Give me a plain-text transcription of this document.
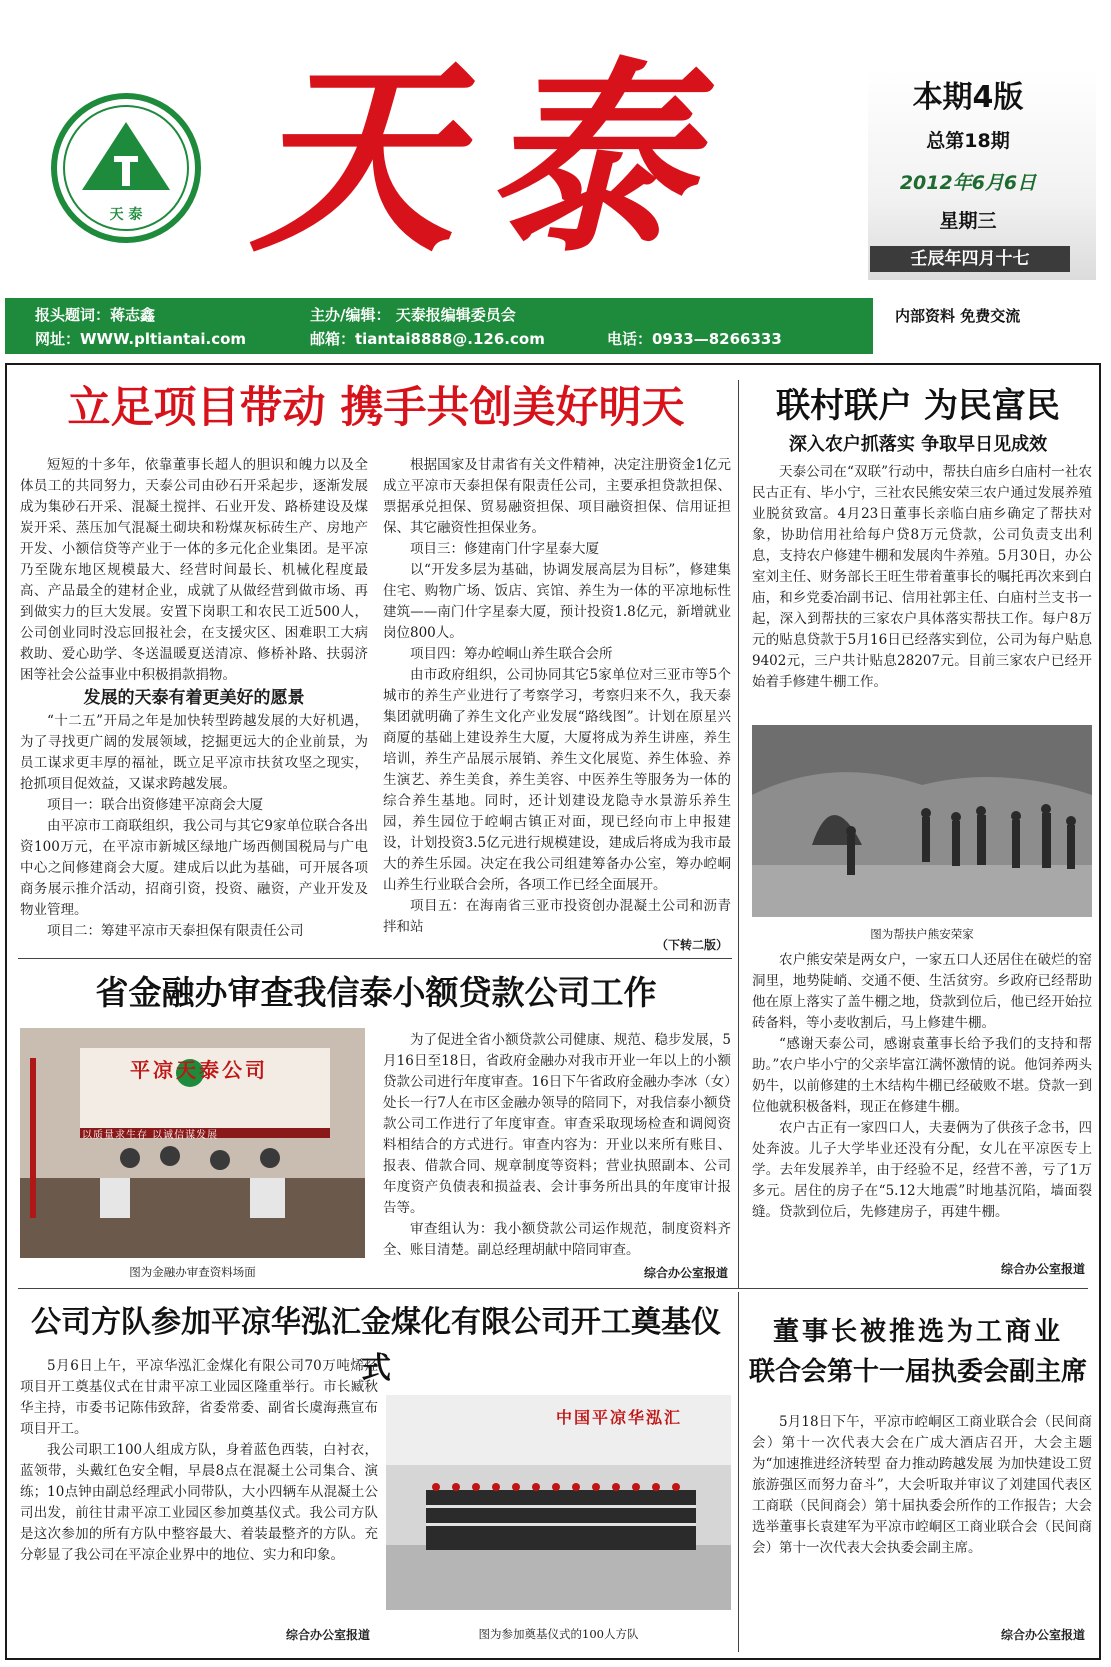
天 泰 天泰	本期4版
总第18期
2012年6月6日
星期三
壬辰年四月十七
报头题词：蒋志鑫	主办/编辑： 天泰报编辑委员会
网址：WWW.pltiantai.com	邮箱：tiantai8888@.126.com	电话：0933—8266333
内部资料 免费交流
立足项目带动 携手共创美好明天

短短的十多年，依靠董事长超人的胆识和魄力以及全体员工的共同努力，天泰公司由砂石开采起步，逐渐发展成为集砂石开采、混凝土搅拌、石业开发、路桥建设及煤炭开采、蒸压加气混凝土砌块和粉煤灰标砖生产、房地产开发、小额信贷等产业于一体的多元化企业集团。是平凉乃至陇东地区规模最大、经营时间最长、机械化程度最高、产品最全的建材企业，成就了从做经营到做市场、再到做实力的巨大发展。安置下岗职工和农民工近500人，公司创业同时没忘回报社会，在支援灾区、困难职工大病救助、爱心助学、冬送温暖夏送清凉、修桥补路、扶弱济困等社会公益事业中积极捐款捐物。

发展的天泰有着更美好的愿景

“十二五”开局之年是加快转型跨越发展的大好机遇，为了寻找更广阔的发展领域，挖掘更远大的企业前景，为员工谋求更丰厚的福祉，既立足平凉市扶贫攻坚之现实，抢抓项目促效益，又谋求跨越发展。

项目一：联合出资修建平凉商会大厦

由平凉市工商联组织，我公司与其它9家单位联合各出资100万元，在平凉市新城区绿地广场西侧国税局与广电中心之间修建商会大厦。建成后以此为基础，可开展各项商务展示推介活动，招商引资，投资、融资，产业开发及物业管理。

项目二：筹建平凉市天泰担保有限责任公司

根据国家及甘肃省有关文件精神，决定注册资金1亿元成立平凉市天泰担保有限责任公司，主要承担贷款担保、票据承兑担保、贸易融资担保、项目融资担保、信用证担保、其它融资性担保业务。

项目三：修建南门什字星泰大厦

以“开发多层为基础，协调发展高层为目标”，修建集住宅、购物广场、饭店、宾馆、养生为一体的平凉地标性建筑——南门什字星泰大厦，预计投资1.8亿元，新增就业岗位800人。

项目四：筹办崆峒山养生联合会所

由市政府组织，公司协同其它5家单位对三亚市等5个城市的养生产业进行了考察学习，考察归来不久，我天泰集团就明确了养生文化产业发展“路线图”。计划在原星兴商厦的基础上建设养生大厦，大厦将成为养生讲座，养生培训，养生产品展示展销、养生文化展览、养生体验、养生演艺、养生美食，养生美容、中医养生等服务为一体的综合养生基地。同时，还计划建设龙隐寺水景游乐养生园，养生园位于崆峒古镇正对面，现已经向市上申报建设，计划投资3.5亿元进行规模建设，建成后将成为我市最大的养生乐园。决定在我公司组建筹备办公室，筹办崆峒山养生行业联合会所，各项工作已经全面展开。

项目五：在海南省三亚市投资创办混凝土公司和沥青拌和站

（下转二版）
联村联户 为民富民
深入农户抓落实 争取早日见成效

天泰公司在“双联”行动中，帮扶白庙乡白庙村一社农民古正有、毕小宁，三社农民熊安荣三农户通过发展养殖业脱贫致富。4月23日董事长亲临白庙乡确定了帮扶对象，协助信用社给每户贷8万元贷款，公司负责支出利息，支持农户修建牛棚和发展肉牛养殖。5月30日，办公室刘主任、财务部长王旺生带着董事长的嘱托再次来到白庙，和乡党委冶副书记、信用社郭主任、白庙村兰支书一起，深入到帮扶的三家农户具体落实帮扶工作。每户8万元的贴息贷款于5月16日已经落实到位，公司为每户贴息9402元，三户共计贴息28207元。目前三家农户已经开始着手修建牛棚工作。

图为帮扶户熊安荣家

农户熊安荣是两女户，一家五口人还居住在破烂的窑洞里，地势陡峭、交通不便、生活贫穷。乡政府已经帮助他在原上落实了盖牛棚之地，贷款到位后，他已经开始拉砖备料，等小麦收割后，马上修建牛棚。

“感谢天泰公司，感谢袁董事长给予我们的支持和帮助。”农户毕小宁的父亲毕富江满怀激情的说。他饲养两头奶牛，以前修建的土木结构牛棚已经破败不堪。贷款一到位他就积极备料，现正在修建牛棚。

农户古正有一家四口人，夫妻俩为了供孩子念书，四处奔波。儿子大学毕业还没有分配，女儿在平凉医专上学。去年发展养羊，由于经验不足，经营不善，亏了1万多元。居住的房子在“5.12大地震”时地基沉陷，墙面裂缝。贷款到位后，先修建房子，再建牛棚。

综合办公室报道
省金融办审查我信泰小额贷款公司工作
平凉天泰公司
以质量求生存 以诚信谋发展
图为金融办审查资料场面

为了促进全省小额贷款公司健康、规范、稳步发展，5月16日至18日，省政府金融办对我市开业一年以上的小额贷款公司进行年度审查。16日下午省政府金融办李冰（女）处长一行7人在市区金融办领导的陪同下，对我信泰小额贷款公司工作进行了年度审查。审查采取现场检查和调阅资料相结合的方式进行。审查内容为：开业以来所有账目、报表、借款合同、规章制度等资料；营业执照副本、公司年度资产负债表和损益表、会计事务所出具的年度审计报告等。

审查组认为：我小额贷款公司运作规范，制度资料齐全、账目清楚。副总经理胡献中陪同审查。

综合办公室报道
公司方队参加平凉华泓汇金煤化有限公司开工奠基仪式

5月6日上午，平凉华泓汇金煤化有限公司70万吨烯烃项目开工奠基仪式在甘肃平凉工业园区隆重举行。市长臧秋华主持，市委书记陈伟致辞，省委常委、副省长虞海燕宣布项目开工。

我公司职工100人组成方队，身着蓝色西装，白衬衣，蓝领带，头戴红色安全帽，早晨8点在混凝土公司集合、演练；10点钟由副总经理武小同带队，大小四辆车从混凝土公司出发，前往甘肃平凉工业园区参加奠基仪式。我公司方队是这次参加的所有方队中整容最大、着装最整齐的方队。充分彰显了我公司在平凉企业界中的地位、实力和印象。

综合办公室报道
中国平凉华泓汇
图为参加奠基仪式的100人方队
董事长被推选为工商业
联合会第十一届执委会副主席

5月18日下午，平凉市崆峒区工商业联合会（民间商会）第十一次代表大会在广成大酒店召开，大会主题为“加速推进经济转型 奋力推动跨越发展 为加快建设工贸旅游强区而努力奋斗”，大会听取并审议了刘建国代表区工商联（民间商会）第十届执委会所作的工作报告；大会选举董事长袁建军为平凉市崆峒区工商业联合会（民间商会）第十一次代表大会执委会副主席。

综合办公室报道
